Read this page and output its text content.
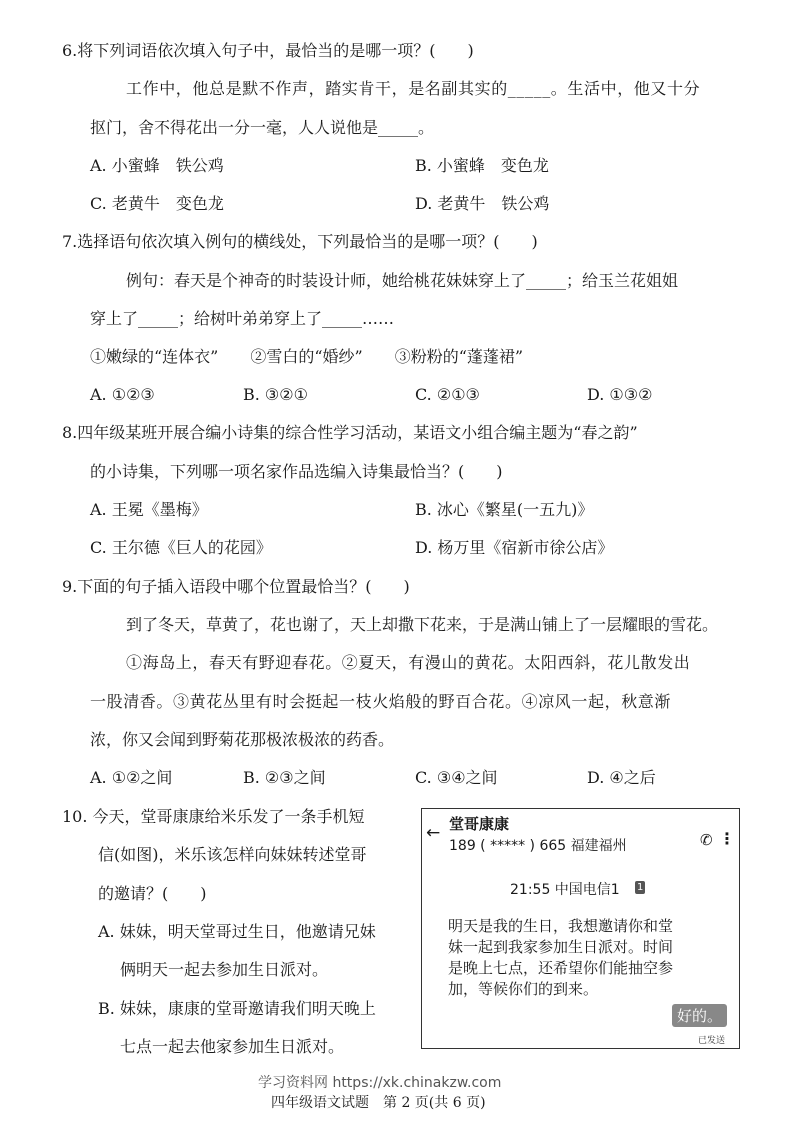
6.将下列词语依次填入句子中，最恰当的是哪一项？(　　)
工作中，他总是默不作声，踏实肯干，是名副其实的_____。生活中，他又十分
抠门，舍不得花出一分一毫，人人说他是_____。
A. 小蜜蜂　铁公鸡	B. 小蜜蜂　变色龙
C. 老黄牛　变色龙	D. 老黄牛　铁公鸡
7.选择语句依次填入例句的横线处，下列最恰当的是哪一项？(　　)
例句：春天是个神奇的时装设计师，她给桃花妹妹穿上了_____；给玉兰花姐姐
穿上了_____；给树叶弟弟穿上了_____……
①嫩绿的“连体衣”　　②雪白的“婚纱”　　③粉粉的“蓬蓬裙”
A. ①②③	B. ③②①	C. ②①③	D. ①③②
8.四年级某班开展合编小诗集的综合性学习活动，某语文小组合编主题为“春之韵”
的小诗集，下列哪一项名家作品选编入诗集最恰当？(　　)
A. 王冕《墨梅》	B. 冰心《繁星(一五九)》
C. 王尔德《巨人的花园》	D. 杨万里《宿新市徐公店》
9.下面的句子插入语段中哪个位置最恰当？(　　)
到了冬天，草黄了，花也谢了，天上却撒下花来，于是满山铺上了一层耀眼的雪花。
①海岛上，春天有野迎春花。②夏天，有漫山的黄花。太阳西斜，花儿散发出
一股清香。③黄花丛里有时会挺起一枝火焰般的野百合花。④凉风一起，秋意渐
浓，你又会闻到野菊花那极浓极浓的药香。
A. ①②之间	B. ②③之间	C. ③④之间	D. ④之后
10. 今天，堂哥康康给米乐发了一条手机短
信(如图)，米乐该怎样向妹妹转述堂哥
的邀请？(　　)
A. 妹妹，明天堂哥过生日，他邀请兄妹
俩明天一起去参加生日派对。
B. 妹妹，康康的堂哥邀请我们明天晚上
七点一起去他家参加生日派对。
← 堂哥康康
189 ( ***** ) 665 福建福州	✆ ⋮
21:55 中国电信1 1
明天是我的生日，我想邀请你和堂
妹一起到我家参加生日派对。时间
是晚上七点，还希望你们能抽空参
加，等候你们的到来。
好的。
已发送
学习资料网 https://xk.chinakzw.com
四年级语文试题　第 2 页(共 6 页)
